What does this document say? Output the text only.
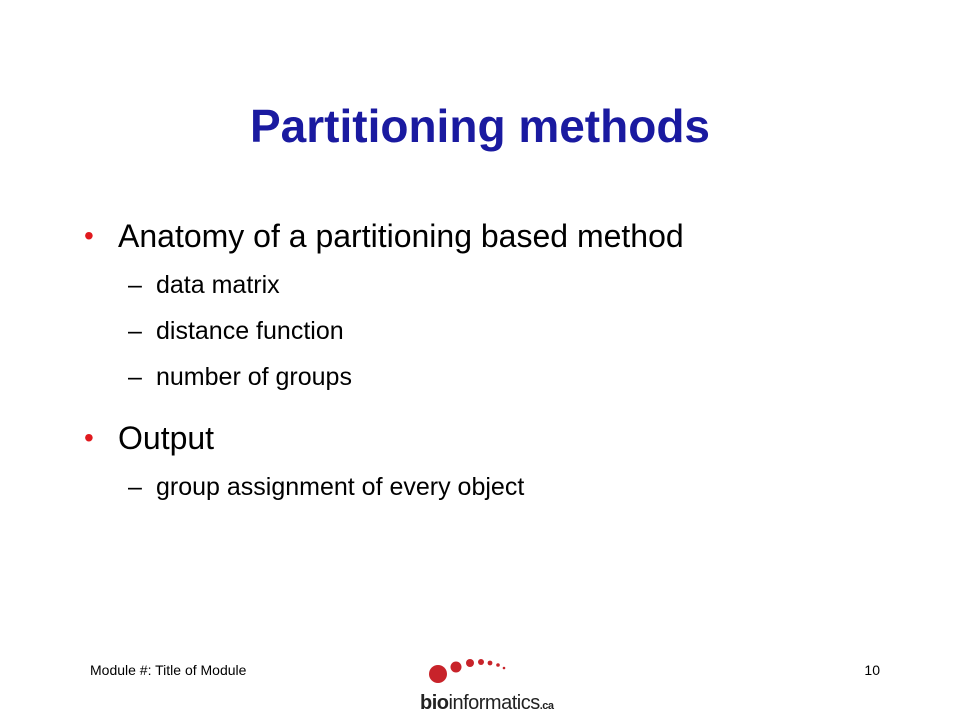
Partitioning methods
• Anatomy of a partitioning based method
– data matrix
– distance function
– number of groups
• Output
– group assignment of every object
Module #: Title of Module
bioinformatics.ca
10
